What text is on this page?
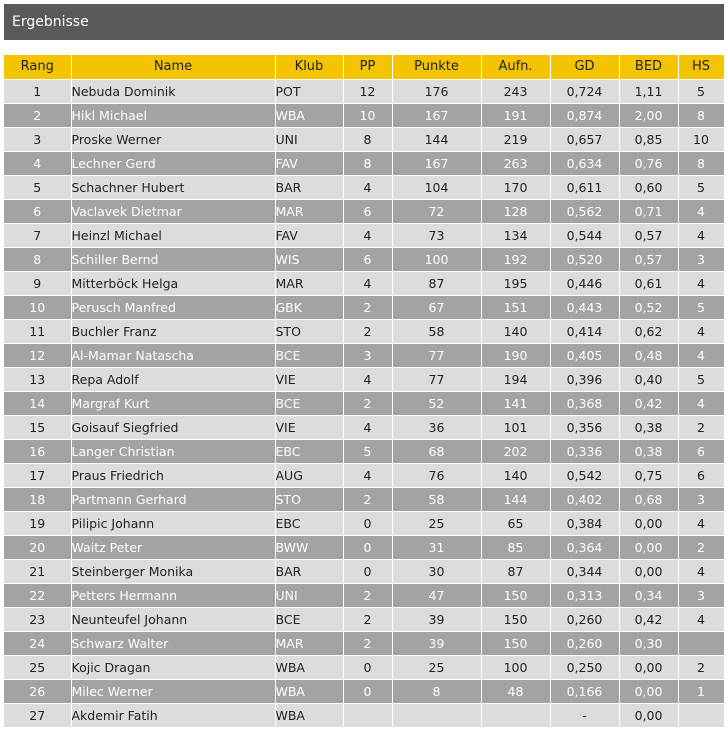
Ergebnisse
Rang	Name	Klub	PP	Punkte	Aufn.	GD	BED	HS
1	Nebuda Dominik	POT	12	176	243	0,724	1,11	5
2	Hikl Michael	WBA	10	167	191	0,874	2,00	8
3	Proske Werner	UNI	8	144	219	0,657	0,85	10
4	Lechner Gerd	FAV	8	167	263	0,634	0,76	8
5	Schachner Hubert	BAR	4	104	170	0,611	0,60	5
6	Vaclavek Dietmar	MAR	6	72	128	0,562	0,71	4
7	Heinzl Michael	FAV	4	73	134	0,544	0,57	4
8	Schiller Bernd	WIS	6	100	192	0,520	0,57	3
9	Mitterböck Helga	MAR	4	87	195	0,446	0,61	4
10	Perusch Manfred	GBK	2	67	151	0,443	0,52	5
11	Buchler Franz	STO	2	58	140	0,414	0,62	4
12	Al-Mamar Natascha	BCE	3	77	190	0,405	0,48	4
13	Repa Adolf	VIE	4	77	194	0,396	0,40	5
14	Margraf Kurt	BCE	2	52	141	0,368	0,42	4
15	Goisauf Siegfried	VIE	4	36	101	0,356	0,38	2
16	Langer Christian	EBC	5	68	202	0,336	0,38	6
17	Praus Friedrich	AUG	4	76	140	0,542	0,75	6
18	Partmann Gerhard	STO	2	58	144	0,402	0,68	3
19	Pilipic Johann	EBC	0	25	65	0,384	0,00	4
20	Waitz Peter	BWW	0	31	85	0,364	0,00	2
21	Steinberger Monika	BAR	0	30	87	0,344	0,00	4
22	Petters Hermann	UNI	2	47	150	0,313	0,34	3
23	Neunteufel Johann	BCE	2	39	150	0,260	0,42	4
24	Schwarz Walter	MAR	2	39	150	0,260	0,30	
25	Kojic Dragan	WBA	0	25	100	0,250	0,00	2
26	Milec Werner	WBA	0	8	48	0,166	0,00	1
27	Akdemir Fatih	WBA				-	0,00	
